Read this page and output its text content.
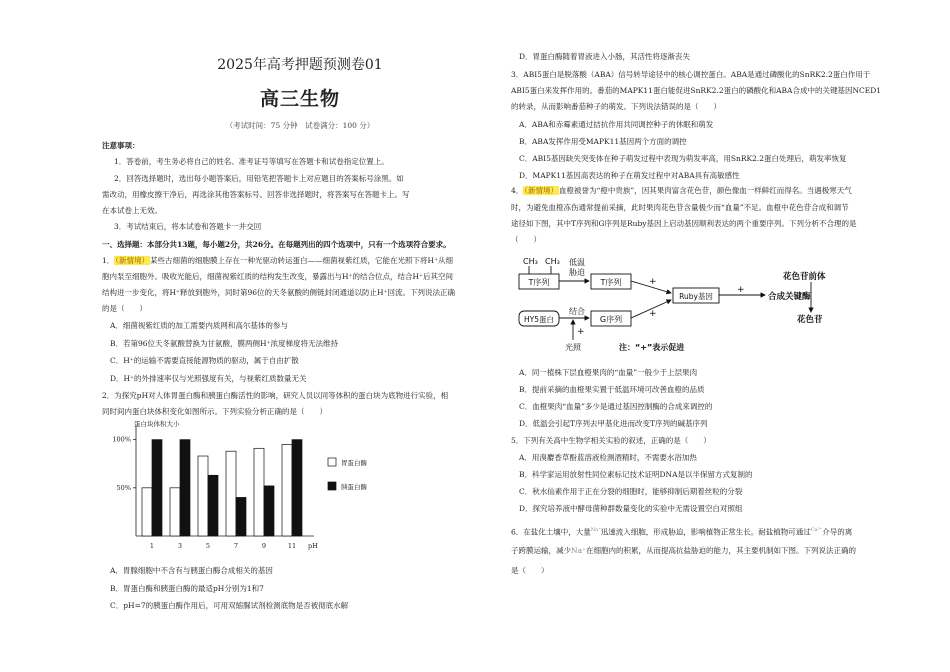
2025年高考押题预测卷01
高三生物
（考试时间：75 分钟　试卷满分：100 分）
注意事项：
1．答卷前，考生务必将自己的姓名、准考证号等填写在答题卡和试卷指定位置上。
2．回答选择题时，选出每小题答案后，用铅笔把答题卡上对应题目的答案标号涂黑。如
需改动，用橡皮擦干净后，再选涂其他答案标号。回答非选择题时，将答案写在答题卡上。写
在本试卷上无效。
3．考试结束后，将本试卷和答题卡一并交回
一、选择题：本部分共13题，每小题2分，共26分。在每题列出的四个选项中，只有一个选项符合要求。
1．（新情境）某些古细菌的细胞膜上存在一种光驱动转运蛋白——细菌视紫红质，它能在光照下将H⁺从细
胞内泵至细胞外。吸收光能后，细菌视紫红质的结构发生改变，暴露出与H⁺的结合位点，结合H⁺后其空间
结构进一步变化，将H⁺释放到胞外，同时第96位的天冬氨酸的侧链封闭通道以防止H⁺回流。下列说法正确
的是（　　）
A．细菌视紫红质的加工需要内质网和高尔基体的参与
B．若第96位天冬氨酸替换为甘氨酸，膜两侧H⁺浓度梯度将无法维持
C．H⁺的运输不需要直接能源物质的驱动，属于自由扩散
D．H⁺的外排速率仅与光照强度有关，与视紫红质数量无关
2．为探究pH对人体胃蛋白酶和胰蛋白酶活性的影响，研究人员以同等体积的蛋白块为底物进行实验，相
同时间内蛋白块体积变化如图所示。下列实验分析正确的是（　　）
蛋白块体积大小
pH
100%
50%
1	3	5	7	9	11
胃蛋白酶
胰蛋白酶
A．胃腺细胞中不含有与胰蛋白酶合成相关的基因
B．胃蛋白酶和胰蛋白酶的最适pH分别为1和7
C．pH=7的胰蛋白酶作用后，可用双缩脲试剂检测底物是否被彻底水解
D．胃蛋白酶随着胃液进入小肠，其活性将逐渐丧失
3．ABI5蛋白是脱落酸（ABA）信号转导途径中的核心调控蛋白。ABA是通过磷酸化的SnRK2.2蛋白作用于
ABI5蛋白来发挥作用的。番茄的MAPK11蛋白能促进SnRK2.2蛋白的磷酸化和ABA合成中的关键基因NCED1
的转录，从而影响番茄种子的萌发。下列说法错误的是（　　）
A．ABA和赤霉素通过拮抗作用共同调控种子的休眠和萌发
B．ABA发挥作用受MAPK11基因两个方面的调控
C．ABI5基因缺失突变体在种子萌发过程中表现为萌发率高，用SnRK2.2蛋白处理后，萌发率恢复
D．MAPK11基因高表达的种子在萌发过程中对ABA具有高敏感性
4．（新情境）血橙被誉为“橙中贵族”，因其果肉富含花色苷，颜色像血一样鲜红而得名。当遇极寒天气
时，为避免血橙冻伤通常提前采摘，此时果肉花色苷含量极少而“血量”不足。血橙中花色苷合成和调节
途径如下图，其中T序列和G序列是Ruby基因上启动基因顺利表达的两个重要序列。下列分析不合理的是
（　　）
CH₃ CH₃
T序列
低温
胁迫
T序列	+
Ruby基因
+
花色苷前体
合成关键酶
花色苷
HY5蛋白
结合
G序列
+
+
光照	注：“+”表示促进
A．同一植株下层血橙果肉的“血量”一般少于上层果肉
B．提前采摘的血橙果实置于低温环境可改善血橙的品质
C．血橙果肉“血量”多少是通过基因控制酶的合成来调控的
D．低温会引起T序列去甲基化进而改变T序列的碱基序列
5．下列有关高中生物学相关实验的叙述，正确的是（　　）
A．用溴麝香草酚蓝溶液检测酒精时，不需要水浴加热
B．科学家运用放射性同位素标记技术证明DNA是以半保留方式复制的
C．秋水仙素作用于正在分裂的细胞时，能够抑制后期着丝粒的分裂
D．探究培养液中酵母菌种群数量变化的实验中无需设置空白对照组
6．在盐化土壤中，大量$^{Na^+}$迅速流入细胞，形成胁迫，影响植物正常生长。耐盐植物可通过$^{Ca^{2+}}$介导的离
子跨膜运输，减少Na⁺在细胞内的积累，从而提高抗盐胁迫的能力，其主要机制如下图。下列说法正确的
是（　　）
